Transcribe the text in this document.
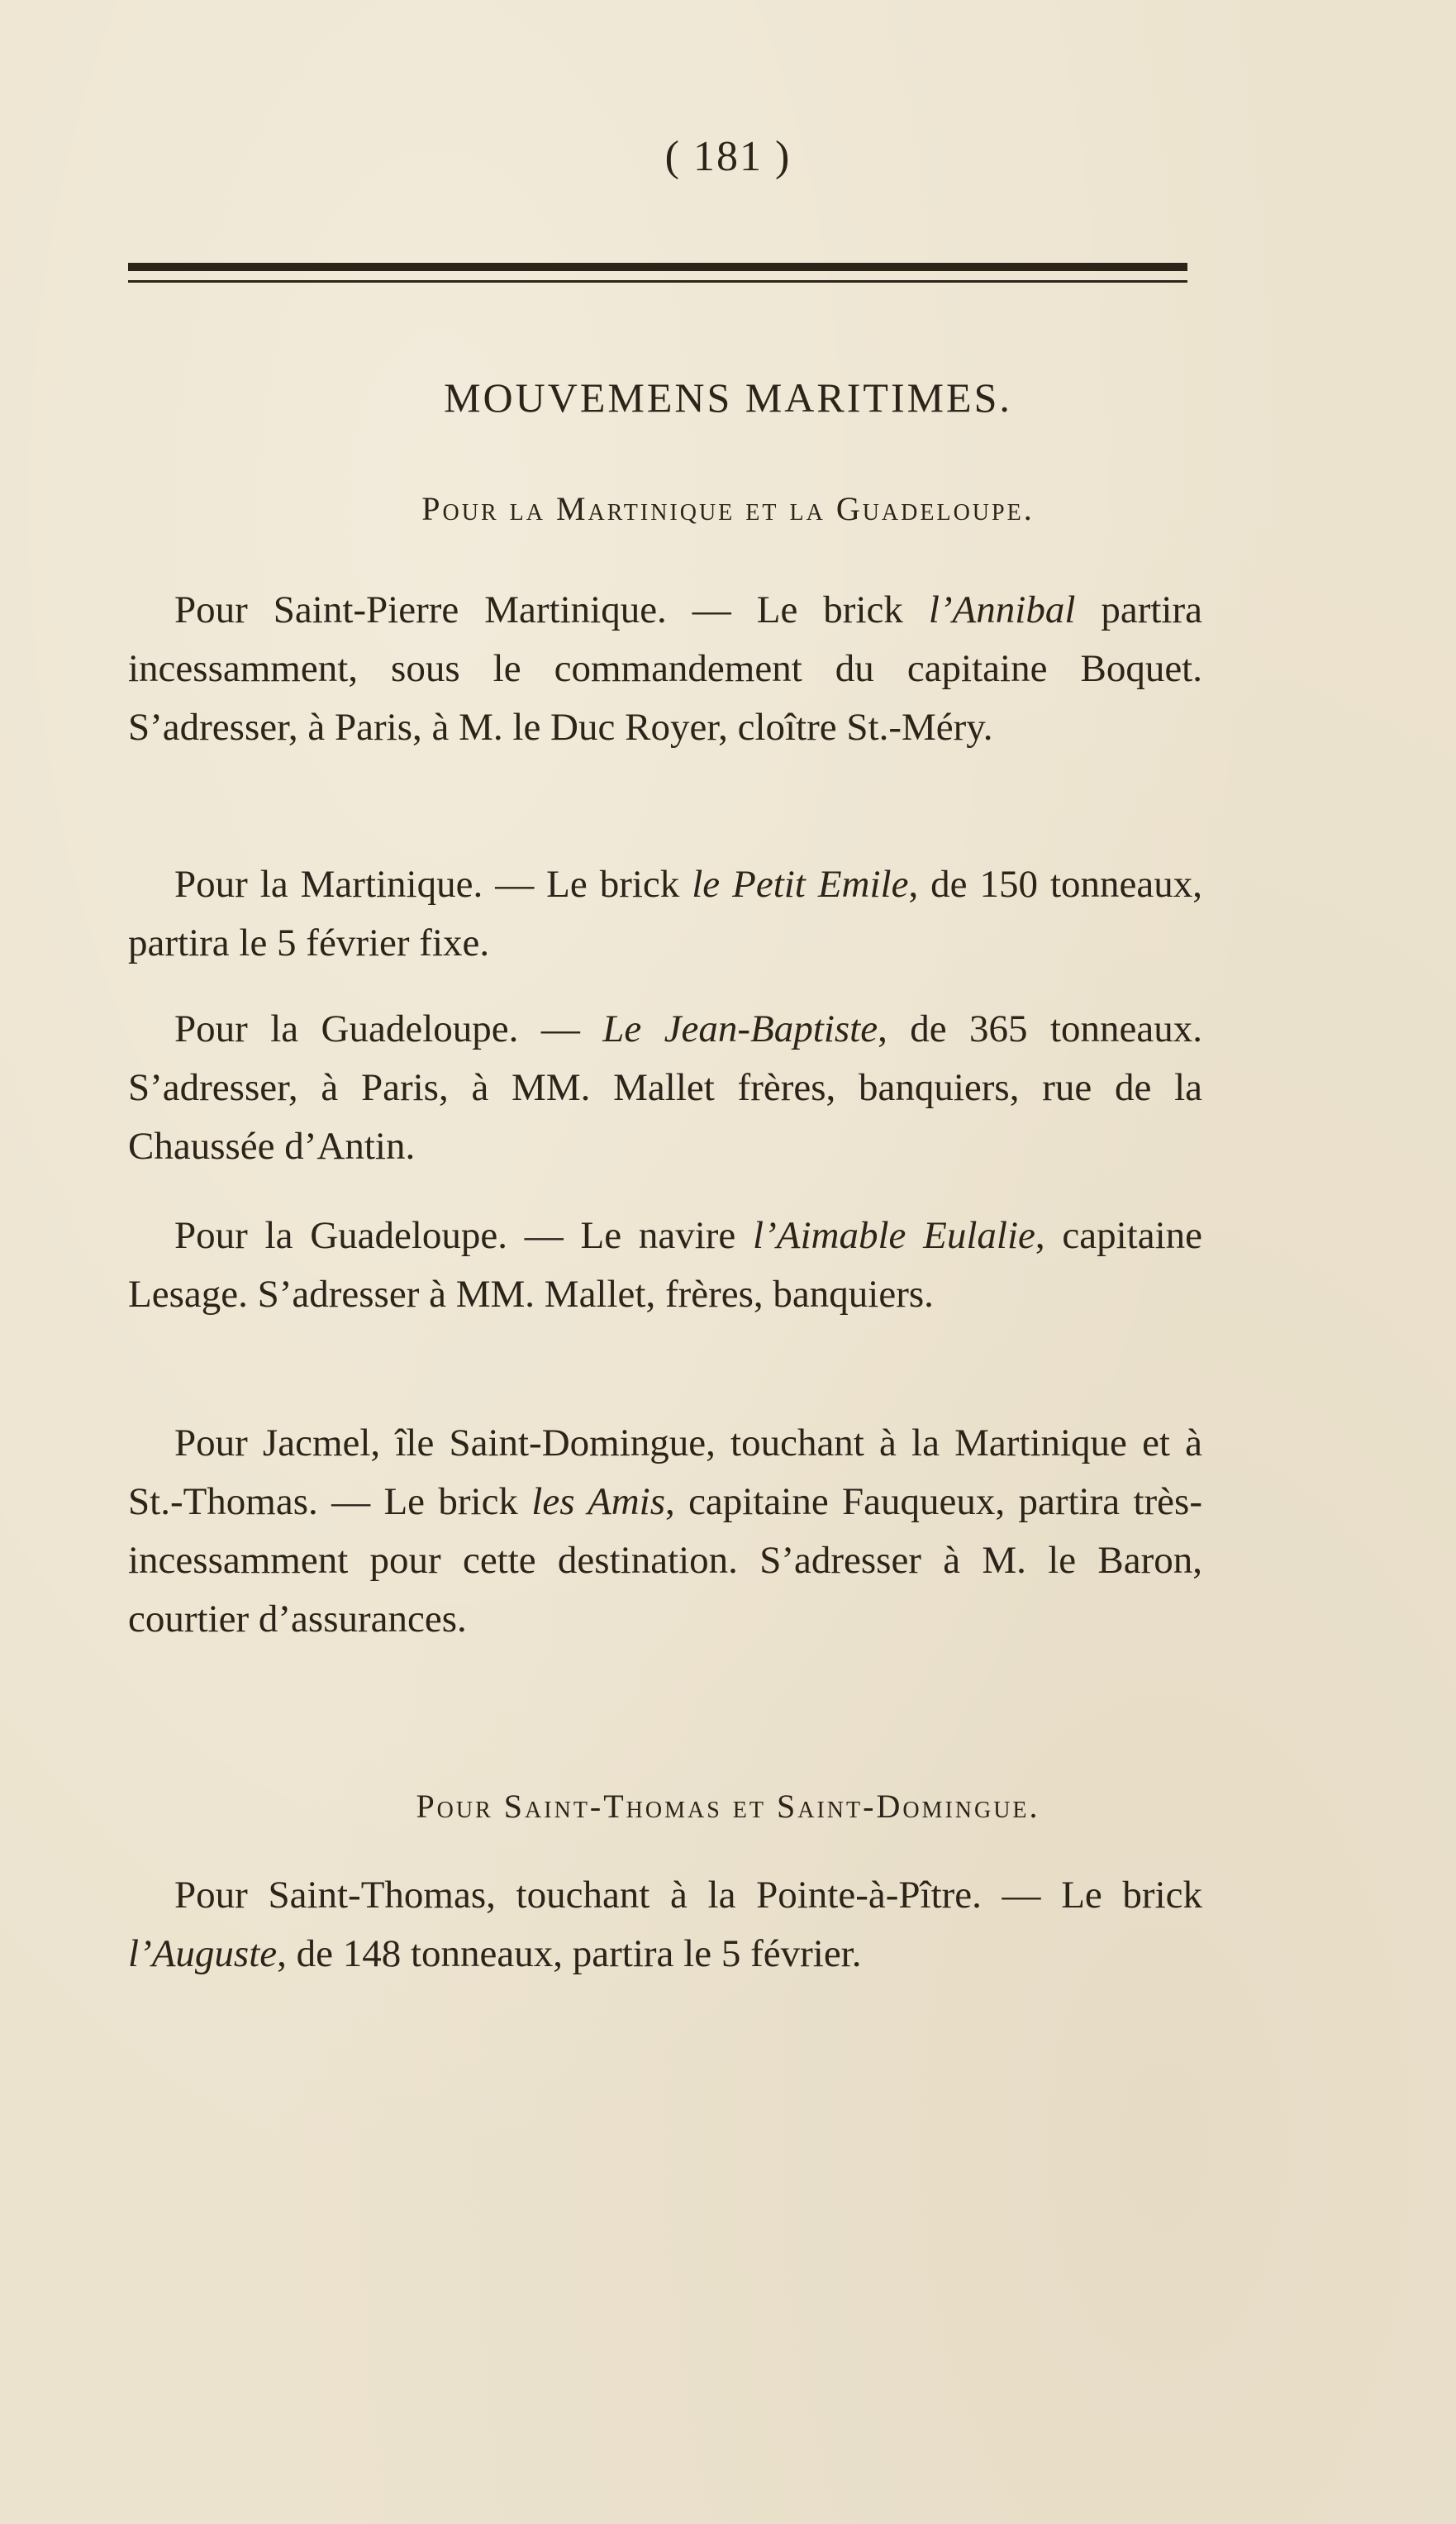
( 181 )
MOUVEMENS MARITIMES.
Pour la Martinique et la Guadeloupe.

Pour Saint-Pierre Martinique. — Le brick l’Annibal partira incessamment, sous le commandement du capitaine Boquet. S’adresser, à Paris, à M. le Duc Royer, cloître St.-Méry.

Pour la Martinique. — Le brick le Petit Emile, de 150 tonneaux, partira le 5 février fixe.

Pour la Guadeloupe. — Le Jean-Baptiste, de 365 tonneaux. S’adresser, à Paris, à MM. Mallet frères, banquiers, rue de la Chaussée d’Antin.

Pour la Guadeloupe. — Le navire l’Aimable Eulalie, capitaine Lesage. S’adresser à MM. Mallet, frères, banquiers.

Pour Jacmel, île Saint-Domingue, touchant à la Martinique et à St.-Thomas. — Le brick les Amis, capitaine Fauqueux, partira très-incessamment pour cette destination. S’adresser à M. le Baron, courtier d’assurances.

Pour Saint-Thomas et Saint-Domingue.

Pour Saint-Thomas, touchant à la Pointe-à-Pître. — Le brick l’Auguste, de 148 tonneaux, partira le 5 février.
